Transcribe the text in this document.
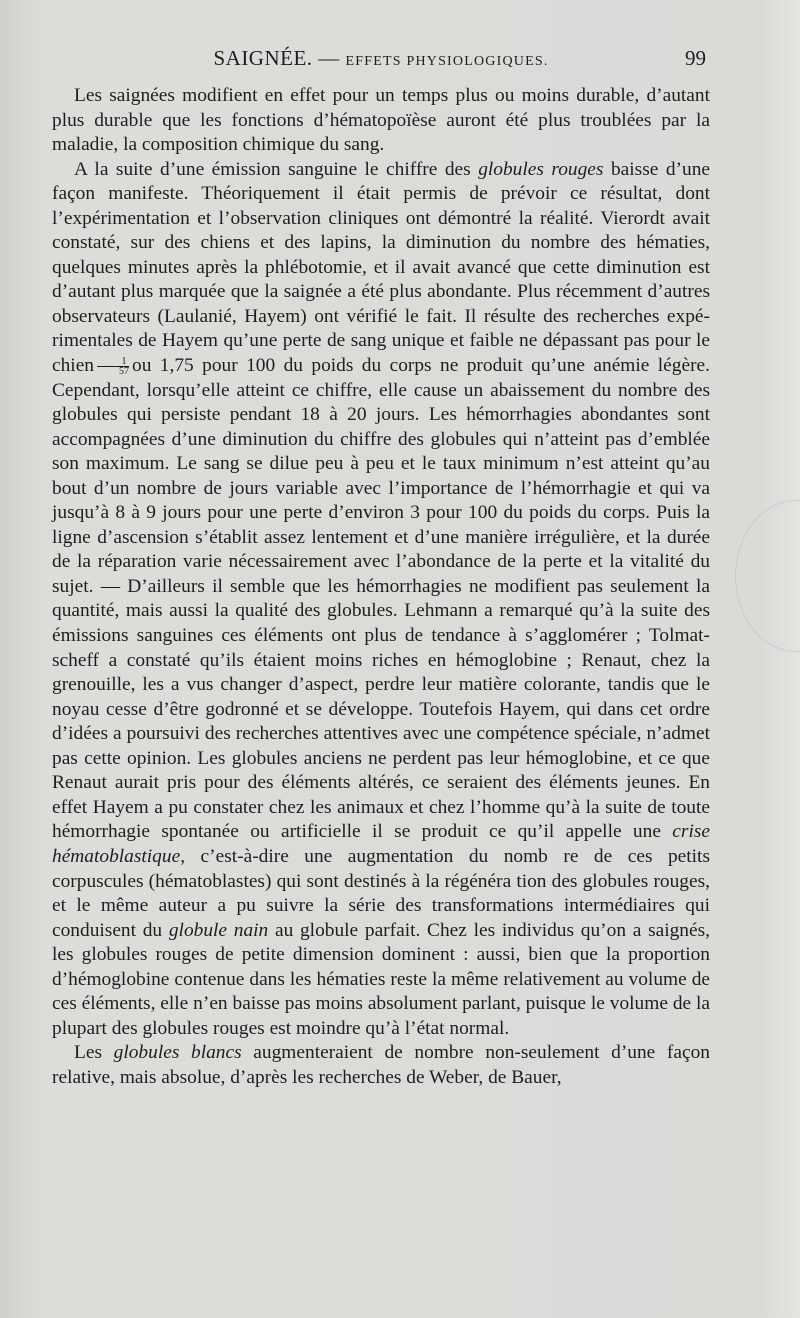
SAIGNÉE. — EFFETS PHYSIOLOGIQUES.	99

Les saignées modifient en effet pour un temps plus ou moins durable, d’autant plus durable que les fonctions d’hématopoïèse auront été plus troublées par la maladie, la composition chimique du sang.

A la suite d’une émission sanguine le chiffre des globules rouges baisse d’une façon manifeste. Théoriquement il était permis de prévoir ce résultat, dont l’expérimentation et l’observation cliniques ont démontré la réalité. Vierordt avait constaté, sur des chiens et des lapins, la diminution du nombre des hématies, quelques minutes après la phlébotomie, et il avait avancé que cette diminution est d’autant plus marquée que la saignée a été plus abondante. Plus récemment d’autres observateurs (Laulanié, Hayem) ont vérifié le fait. Il résulte des recherches expérimentales de Hayem qu’une perte de sang unique et faible ne dépassant pas pour le chien $\frac{1}{57}$ ou 1,75 pour 100 du poids du corps ne produit qu’une anémie légère. Cependant, lorsqu’elle atteint ce chiffre, elle cause un abaissement du nombre des globules qui persiste pendant 18 à 20 jours. Les hémorrhagies abondantes sont accompagnées d’une diminution du chiffre des globules qui n’atteint pas d’emblée son maximum. Le sang se dilue peu à peu et le taux minimum n’est atteint qu’au bout d’un nombre de jours variable avec l’importance de l’hémorrhagie et qui va jusqu’à 8 à 9 jours pour une perte d’environ 3 pour 100 du poids du corps. Puis la ligne d’ascension s’établit assez lentement et d’une manière irrégulière, et la durée de la réparation varie nécessairement avec l’abondance de la perte et la vitalité du sujet. — D’ailleurs il semble que les hémorrhagies ne modifient pas seulement la quantité, mais aussi la qualité des globules. Lehmann a remarqué qu’à la suite des émissions sanguines ces éléments ont plus de tendance à s’agglomérer ; Tolmatscheff a constaté qu’ils étaient moins riches en hémoglobine ; Renaut, chez la grenouille, les a vus changer d’aspect, perdre leur matière colorante, tandis que le noyau cesse d’être godronné et se développe. Toutefois Hayem, qui dans cet ordre d’idées a poursuivi des recherches attentives avec une compétence spéciale, n’admet pas cette opinion. Les globules anciens ne perdent pas leur hémoglobine, et ce que Renaut aurait pris pour des éléments altérés, ce seraient des éléments jeunes. En effet Hayem a pu constater chez les animaux et chez l’homme qu’à la suite de toute hémorrhagie spontanée ou artificielle il se produit ce qu’il appelle une crise hématoblastique, c’est-à-dire une augmentation du nomb re de ces petits corpuscules (hématoblastes) qui sont destinés à la régénéra tion des globules rouges, et le même auteur a pu suivre la série des transformations intermédiaires qui conduisent du globule nain au globule parfait. Chez les individus qu’on a saignés, les globules rouges de petite dimension dominent : aussi, bien que la proportion d’hémoglobine contenue dans les hématies reste la même relativement au volume de ces éléments, elle n’en baisse pas moins absolument parlant, puisque le volume de la plupart des globules rouges est moindre qu’à l’état normal.

Les globules blancs augmenteraient de nombre non-seulement d’une façon relative, mais absolue, d’après les recherches de Weber, de Bauer,
